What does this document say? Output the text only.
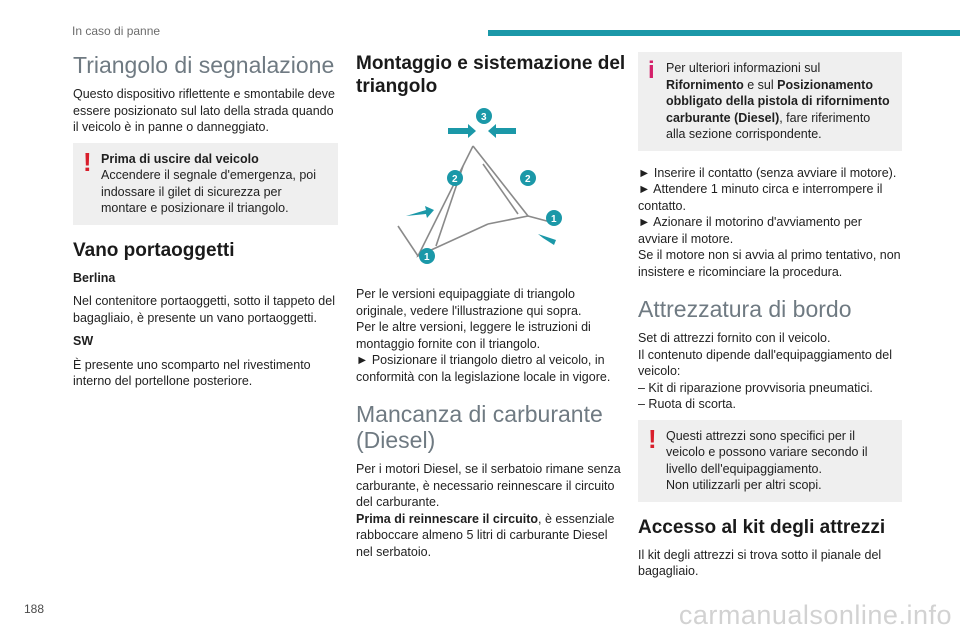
In caso di panne
Triangolo di segnalazione

Questo dispositivo riflettente e smontabile deve essere posizionato sul lato della strada quando il veicolo è in panne o danneggiato.

! Prima di uscire dal veicolo
Accendere il segnale d'emergenza, poi indossare il gilet di sicurezza per montare e posizionare il triangolo.
Vano portaoggetti

Berlina

Nel contenitore portaoggetti, sotto il tappeto del bagagliaio, è presente un vano portaoggetti.

SW

È presente uno scomparto nel rivestimento interno del portellone posteriore.

Montaggio e sistemazione del triangolo
3
2	2
1
1

Per le versioni equipaggiate di triangolo originale, vedere l'illustrazione qui sopra.

Per le altre versioni, leggere le istruzioni di montaggio fornite con il triangolo.

► Posizionare il triangolo dietro al veicolo, in conformità con la legislazione locale in vigore.

Mancanza di carburante (Diesel)

Per i motori Diesel, se il serbatoio rimane senza carburante, è necessario reinnescare il circuito del carburante.

Prima di reinnescare il circuito, è essenziale rabboccare almeno 5 litri di carburante Diesel nel serbatoio.

i Per ulteriori informazioni sul Rifornimento e sul Posizionamento obbligato della pistola di rifornimento carburante (Diesel), fare riferimento alla sezione corrispondente.

► Inserire il contatto (senza avviare il motore).

► Attendere 1 minuto circa e interrompere il contatto.

► Azionare il motorino d'avviamento per avviare il motore.

Se il motore non si avvia al primo tentativo, non insistere e ricominciare la procedura.

Attrezzatura di bordo

Set di attrezzi fornito con il veicolo.

Il contenuto dipende dall'equipaggiamento del veicolo:

– Kit di riparazione provvisoria pneumatici.

– Ruota di scorta.

! Questi attrezzi sono specifici per il veicolo e possono variare secondo il livello dell'equipaggiamento.
Non utilizzarli per altri scopi.
Accesso al kit degli attrezzi

Il kit degli attrezzi si trova sotto il pianale del bagagliaio.

188	carmanualsonline.info
